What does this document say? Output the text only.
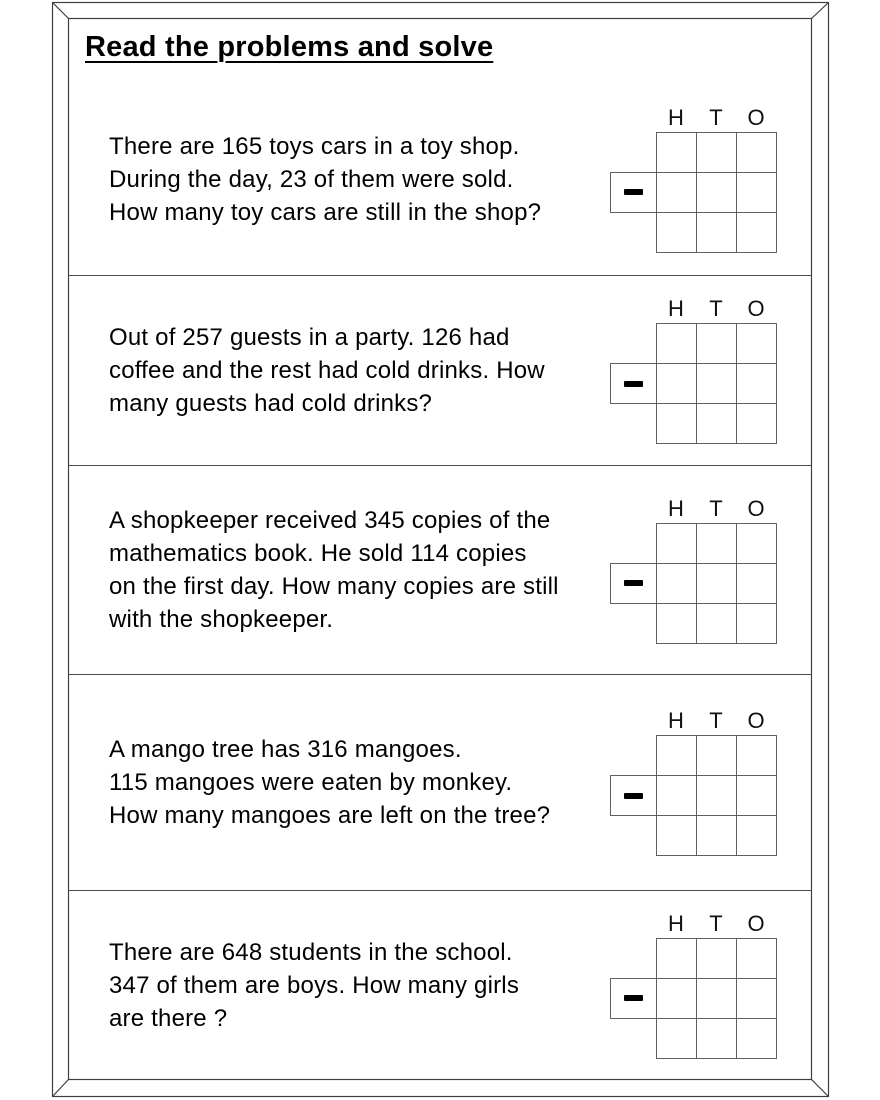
Read the problems and solve
There are 165 toys cars in a toy shop.
During the day, 23 of them were sold.
How many toy cars are still in the shop?
H	T	O

Out of 257 guests in a party. 126 had
coffee and the rest had cold drinks. How
many guests had cold drinks?
H	T	O

A shopkeeper received 345 copies of the
mathematics book. He sold 114 copies
on the first day. How many copies are still
with the shopkeeper.
H	T	O

A mango tree has 316 mangoes.
115 mangoes were eaten by monkey.
How many mangoes are left on the tree?
H	T	O

There are 648 students in the school.
347 of them are boys. How many girls
are there ?
H	T	O
